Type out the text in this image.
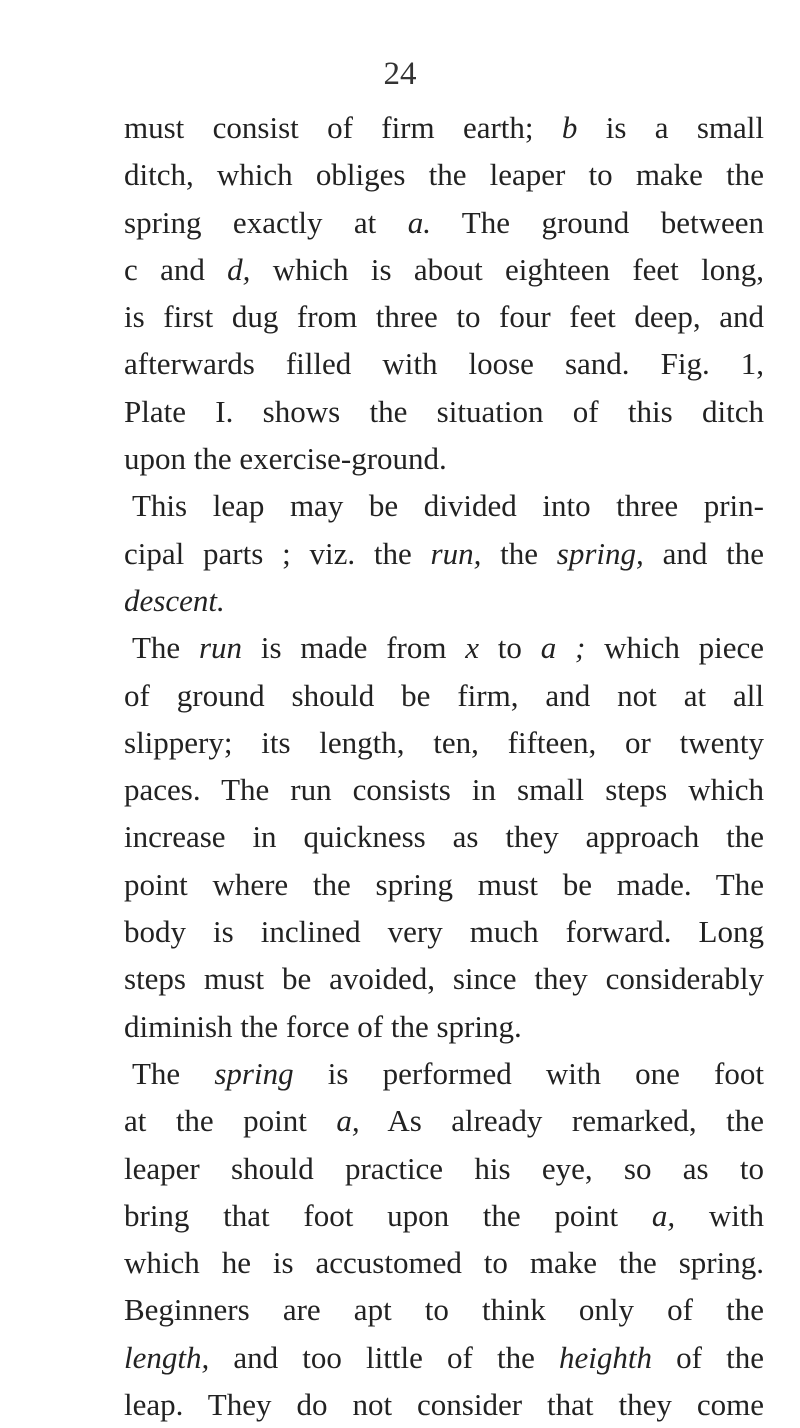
24
must consist of firm earth; b is a small
ditch, which obliges the leaper to make the
spring exactly at a. The ground between
c and d, which is about eighteen feet long,
is first dug from three to four feet deep, and
afterwards filled with loose sand. Fig. 1,
Plate I. shows the situation of this ditch
upon the exercise-ground.
This leap may be divided into three prin-
cipal parts ; viz. the run, the spring, and the
descent.
The run is made from x to a ; which piece
of ground should be firm, and not at all
slippery; its length, ten, fifteen, or twenty
paces. The run consists in small steps which
increase in quickness as they approach the
point where the spring must be made. The
body is inclined very much forward. Long
steps must be avoided, since they considerably
diminish the force of the spring.
The spring is performed with one foot
at the point a, As already remarked, the
leaper should practice his eye, so as to
bring that foot upon the point a, with
which he is accustomed to make the spring.
Beginners are apt to think only of the
length, and too little of the heighth of the
leap. They do not consider that they come
